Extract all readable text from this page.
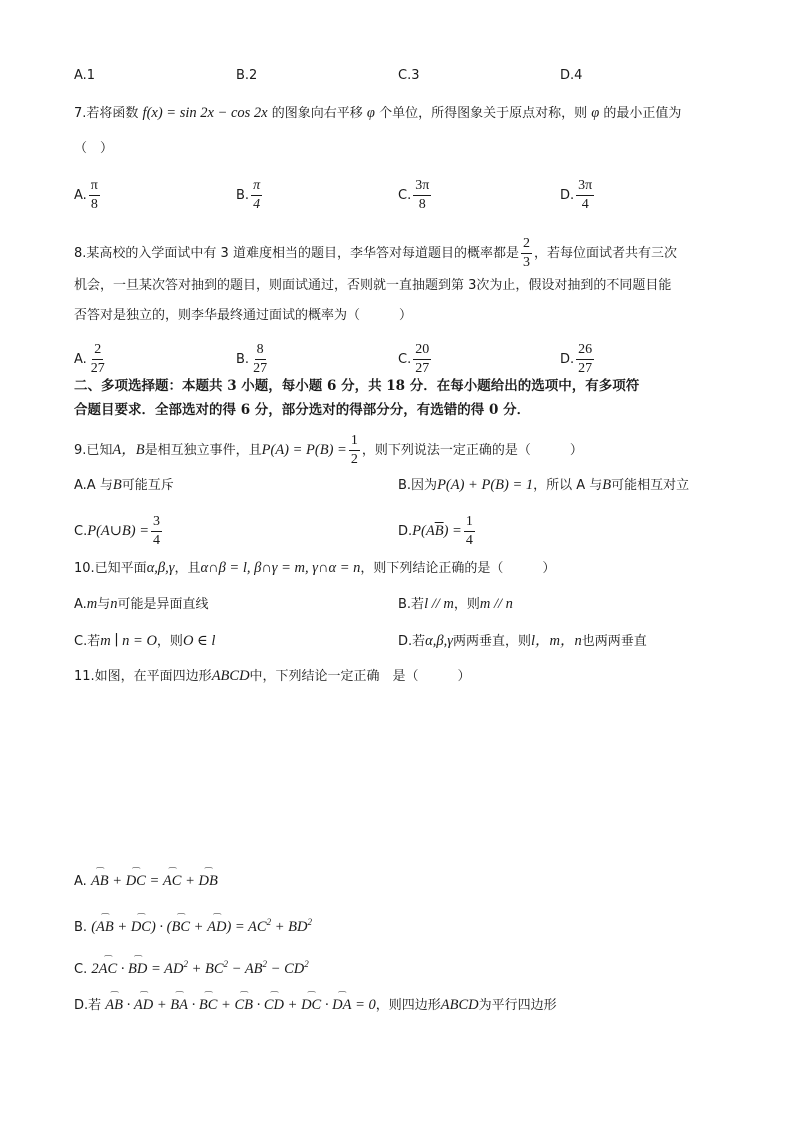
A.1	B.2	C.3	D.4
7.若将函数 f(x) = sin 2x − cos 2x 的图象向右平移 φ 个单位，所得图象关于原点对称，则 φ 的最小正值为
（　）
A. $\frac{\pi}{8}$	B. $\frac{\pi}{4}$	C. $\frac{3\pi}{8}$	D. $\frac{3\pi}{4}$
8.某高校的入学面试中有 3 道难度相当的题目，李华答对每道题目的概率都是 $\frac{2}{3}$ ，若每位面试者共有三次
机会，一旦某次答对抽到的题目，则面试通过，否则就一直抽题到第 3次为止，假设对抽到的不同题目能
否答对是独立的，则李华最终通过面试的概率为（　　　）
A. $\frac{2}{27}$	B. $\frac{8}{27}$	C. $\frac{20}{27}$	D. $\frac{26}{27}$
二、多项选择题：本题共 3 小题，每小题 6 分，共 18 分．在每小题给出的选项中，有多项符
合题目要求．全部选对的得 6 分，部分选对的得部分分，有选错的得 0 分．
9.已知A，B是相互独立事件，且$P(A) = P(B) = \frac{1}{2}$ ，则下列说法一定正确的是（　　　）
A.A 与B可能互斥	B.因为P(A) + P(B) = 1，所以 A 与B可能相互对立
C.P(A∪B) = $\frac{3}{4}$	$D.P(A\overline{B}) = \frac{1}{4}$
10.已知平面α,β,γ，且α∩β = l, β∩γ = m, γ∩α = n，则下列结论正确的是（　　　）
A.m与n可能是异面直线	B.若l // m，则m // n
C.若m ∣ n = O，则O ∈ l	D.若α,β,γ两两垂直，则l，m，n也两两垂直
11.如图，在平面四边形ABCD中，下列结论一定正确　是（　　　）
A. ⁀ AB + ⁀ DC = ⁀ AC + ⁀ DB
B. (⁀ AB + ⁀ DC) · (⁀ BC + ⁀ $AD) = AC^2 + BD^2$
C. 2⁀ AC · ⁀ BD = $AD^2 + BC^2 - AB^2 - CD^2$
D.若 ⁀ AB · ⁀ AD + ⁀ BA · ⁀ BC + ⁀ CB · ⁀ CD + ⁀ DC · ⁀ DA = 0，则四边形ABCD为平行四边形
